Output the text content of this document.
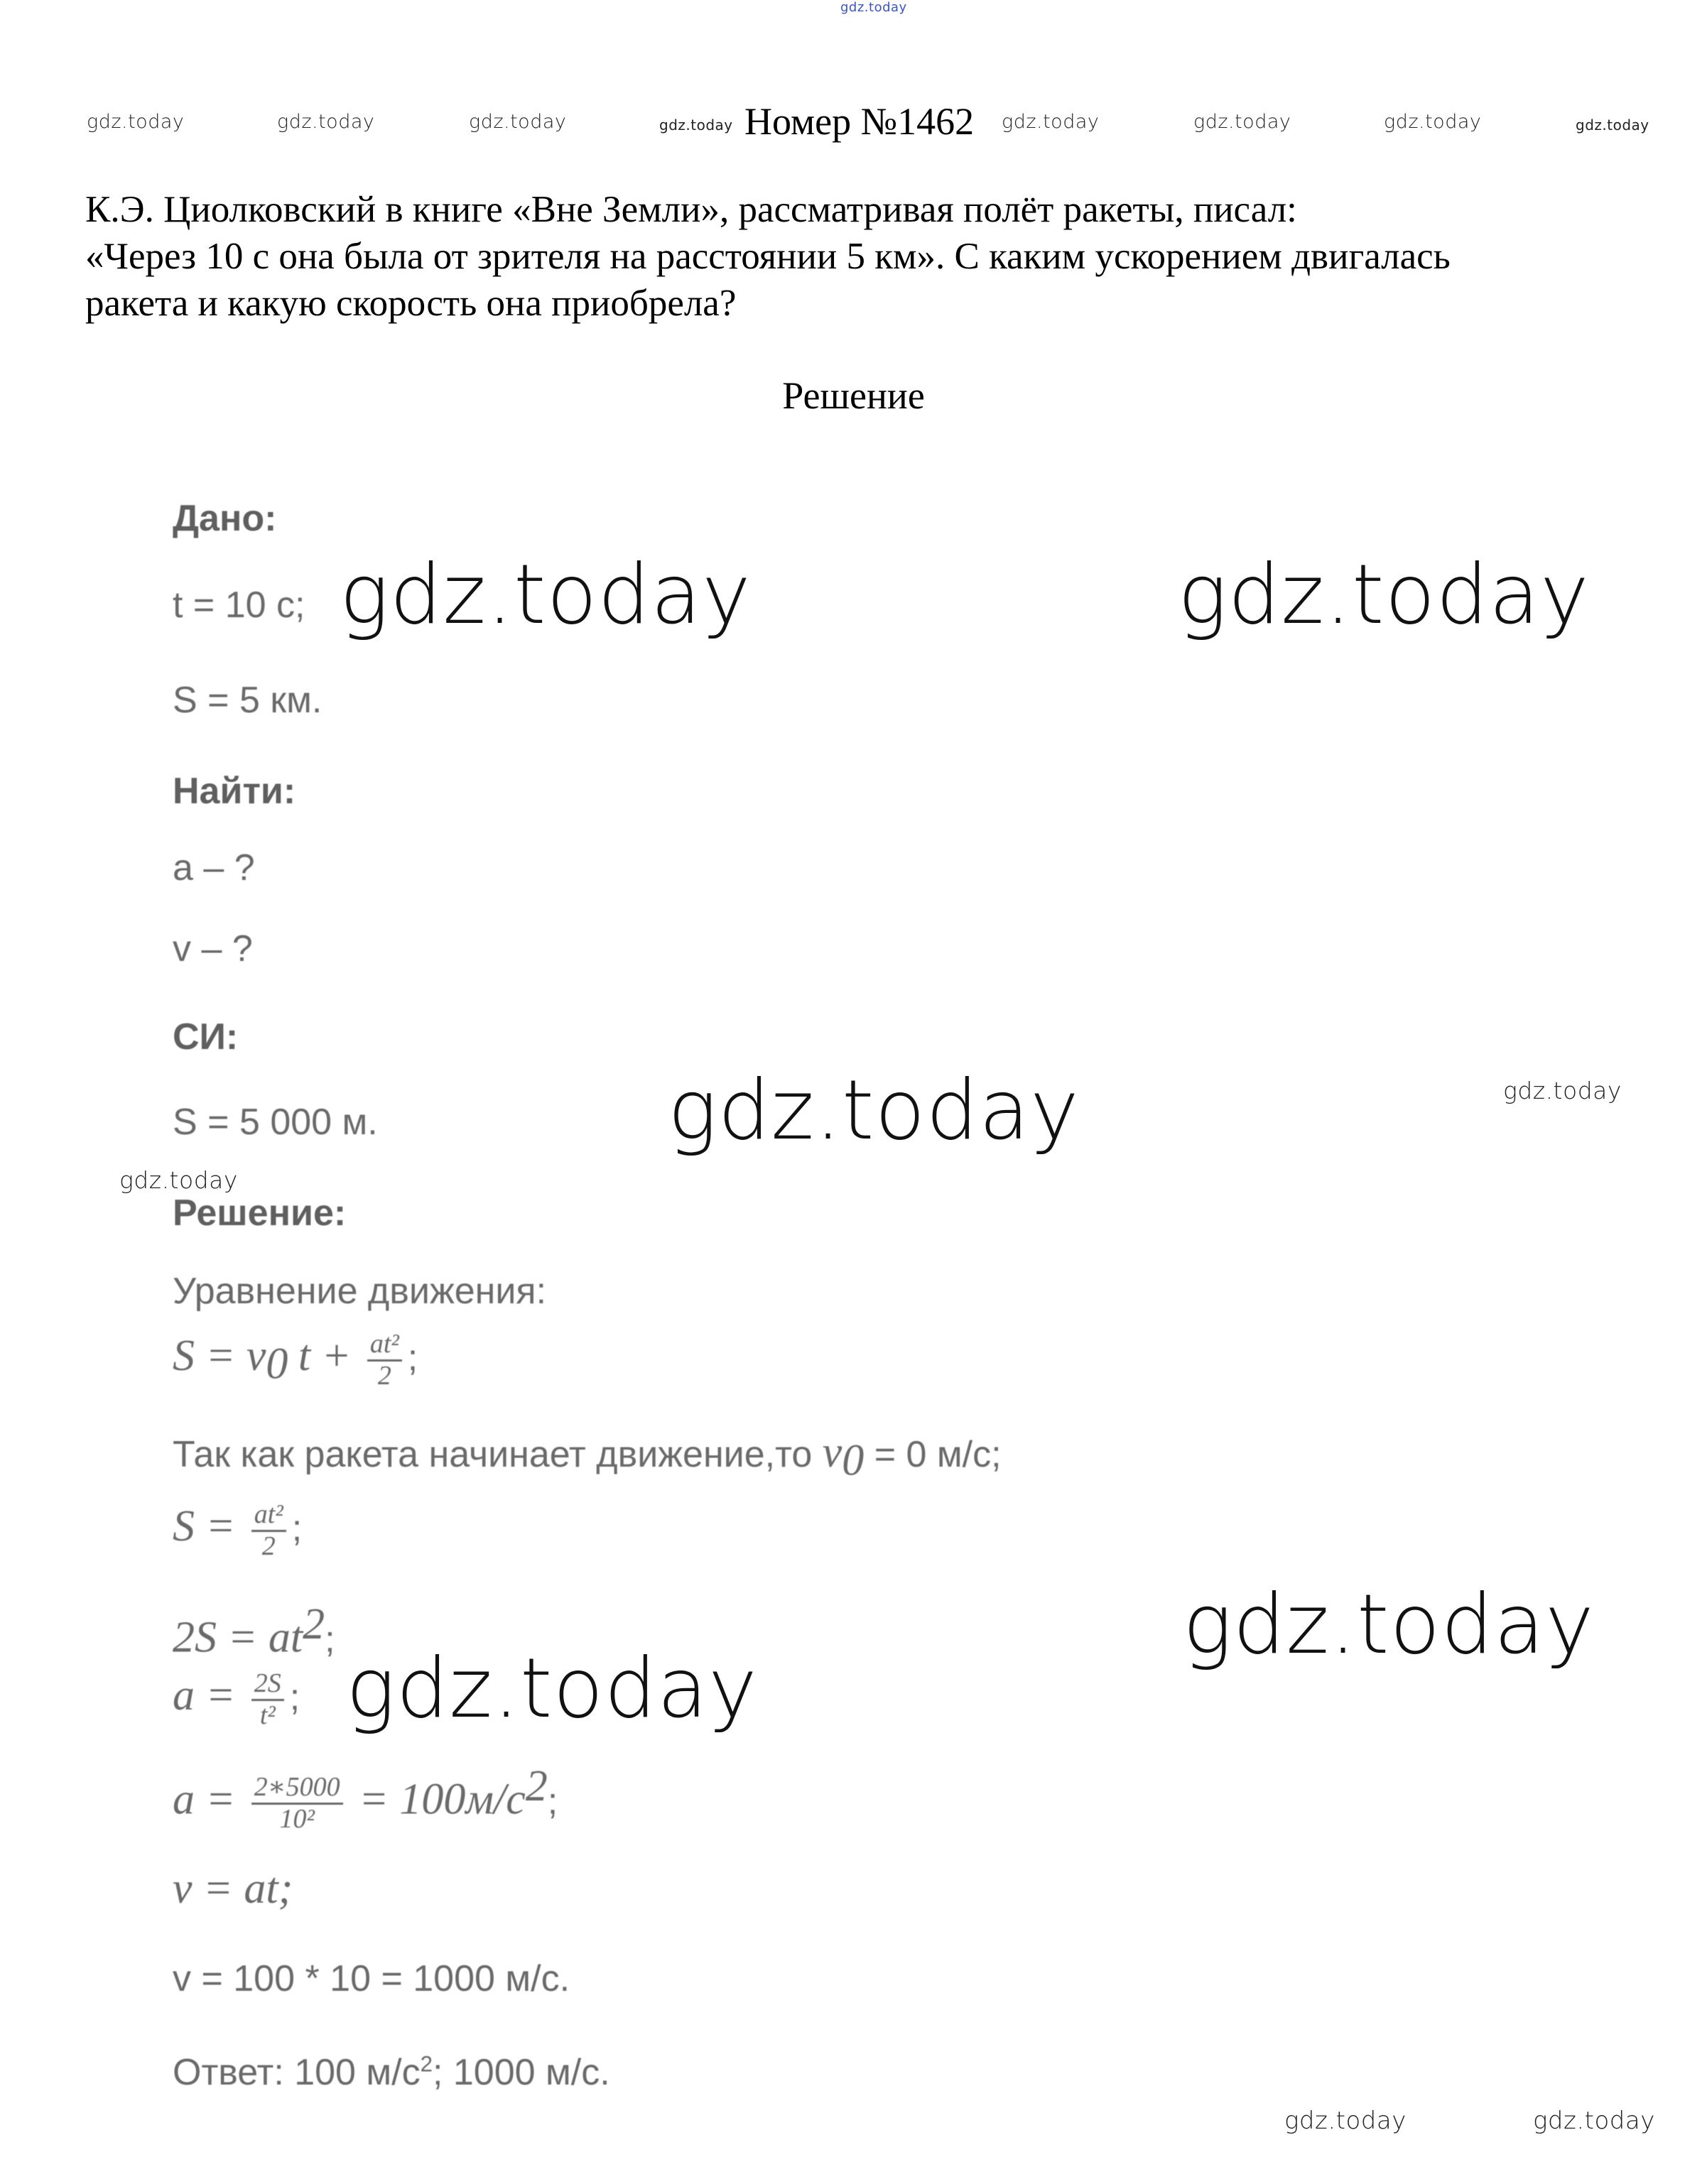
gdz.today
gdz.today	gdz.today	gdz.today	gdz.today	gdz.today	gdz.today	gdz.today	gdz.today
gdz.today	gdz.today
gdz.today
gdz.today
gdz.today
gdz.today
gdz.today
gdz.today	gdz.today
Номер №1462
К.Э. Циолковский в книге «Вне Земли», рассматривая полёт ракеты, писал:
«Через 10 с она была от зрителя на расстоянии 5 км». С каким ускорением двигалась
ракета и какую скорость она приобрела?
Решение
Дано:
t = 10 с;
S = 5 км.
Найти:
a – ?
v – ?
СИ:
S = 5 000 м.
Решение:
Уравнение движения:
$S = v_0$ $t + \frac{\text{at²}}{2}$ ;
Так как ракета начинает движение,то $v_0 = 0$ м/с;
$S = \frac{\text{at²}}{2}$ ;
$2S = at^2$;
$a = \frac{2S}{\text{t²}}$ ;
$a = \frac{2∗5000}{\text{10²}} = 100м/с^2$;
v = at;
v = 100 * 10 = 1000 м/с.
Ответ: 100 $м/с^2$; 1000 м/с.
